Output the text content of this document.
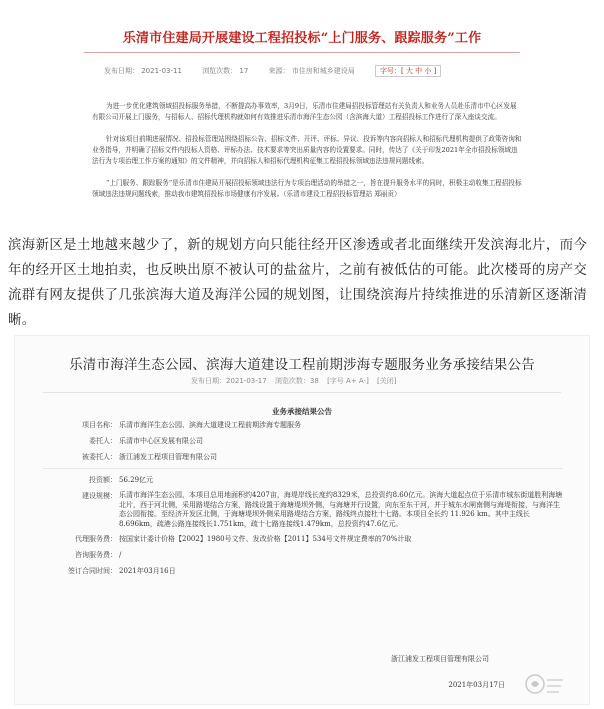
乐清市住建局开展建设工程招投标“上门服务、跟踪服务”工作
发布日期： 2021-03-11	浏览次数： 17	来源： 市住房和城乡建设局	字号：[ 大 中 小 ]
为进一步优化建筑领域招投标服务举措，不断提高办事效率，3月9日，乐清市住建局招投标管理站有关负责人和业务人员赴乐清市中心区发展有限公司开展上门服务，与招标人、招标代理机构就如何有效推进乐清市海洋生态公园（含滨海大道）工程招投标工作进行了深入座谈交流。
针对该项目前期进展情况、招投标管理站围绕招标公告、招标文件、开评、评标、异议、投诉等内容向招标人和招标代理机构提供了政策咨询和业务指导，并明确了招标文件内投标人资格、评标办法、技术要求等突出质量内容的设置要求。同时，传达了《关于印发2021年全市招投标领域违法行为专项治理工作方案的通知》的文件精神，并向招标人和招标代理机构征集工程招投标领域违法违规问题线索。
“上门服务、跟踪服务”是乐清市住建局开展招投标领域违法行为专项治理活动的举措之一，旨在提升服务水平的同时，积极主动收集工程招投标领域违法违规问题线索，推动我市建筑招投标市场健康有序发展。（乐清市建设工程招投标管理站 郑丽贡）
滨海新区是土地越来越少了，新的规划方向只能往经开区渗透或者北面继续开发滨海北片，而今年的经开区土地拍卖，也反映出原不被认可的盐盆片，之前有被低估的可能。此次楼哥的房产交流群有网友提供了几张滨海大道及海洋公园的规划图，让围绕滨海片持续推进的乐清新区逐渐清晰。
乐清市海洋生态公园、滨海大道建设工程前期涉海专题服务业务承接结果公告
发布日期：2021-03-17 浏览次数：38 [字号 A+ A-] [关闭]
业务承接结果公告
项目名称： 乐清市海洋生态公园、滨海大道建设工程前期涉海专题服务
委托人： 乐清市中心区发展有限公司
被委托人： 浙江浦发工程项目管理有限公司
投资额： 56.29亿元
建设规模： 乐清市海洋生态公园，本项目总用地面积约4207亩，海堤岸线长度约8329米，总投资约8.60亿元。滨海大道起点位于乐清市城东街道胜利海塘北片，西于河北侧，采用路堤结合方案，路线设置于海塘堤坝外侧，与海塘并行设置，向东至东干河，并于城东水闸南侧与海堤衔接，与海洋生态公园衔接。至经济开发区北侧，于海塘堤坝外侧采用路堤结合方案，路线终点接杜十七路。本项目全长约 11.926 km。其中主线长8.696km，疏港公路连接线长1.751km，疏十七路连接线1.479km，总投资约47.6亿元。
代理服务费： 按国家计委计价格【2002】1980号文件、发改价格【2011】534号文件规定费率的70%计取
咨询服务费： /
签订合同时间： 2021年03月16日
浙江浦发工程项目管理有限公司
2021年03月17日
